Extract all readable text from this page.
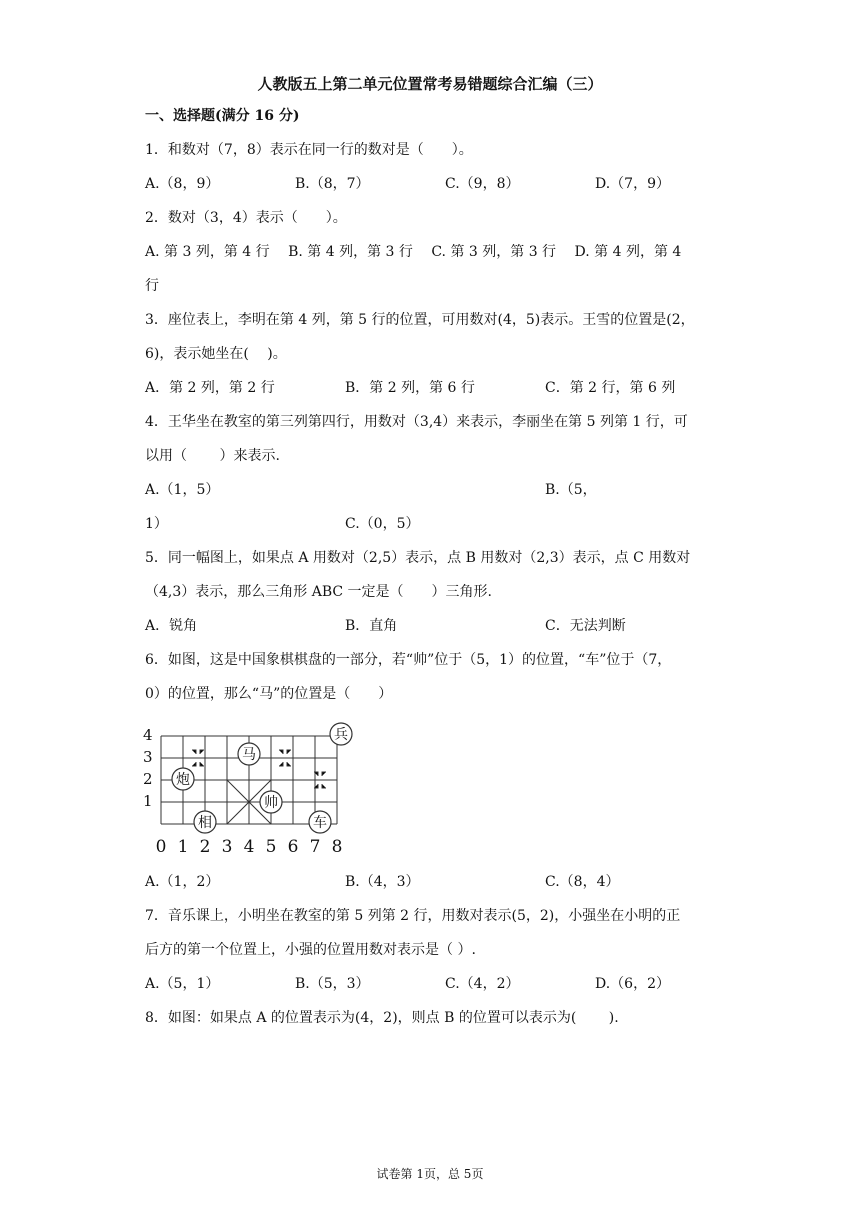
人教版五上第二单元位置常考易错题综合汇编（三）
一、选择题(满分 16 分)
1．和数对（7，8）表示在同一行的数对是（　　）。
A.（8，9）	B.（8，7）	C.（9，8）	D.（7，9）
2．数对（3，4）表示（　　）。
A. 第 3 列，第 4 行　 B. 第 4 列，第 3 行　 C. 第 3 列，第 3 行　 D. 第 4 列，第 4
行
3．座位表上，李明在第 4 列，第 5 行的位置，可用数对(4，5)表示。王雪的位置是(2，
6)，表示她坐在(　 )。
A．第 2 列，第 2 行	B．第 2 列，第 6 行	C．第 2 行，第 6 列
4．王华坐在教室的第三列第四行，用数对（3,4）来表示，李丽坐在第 5 列第 1 行，可
以用（　　 ）来表示.
A.（1，5）	B.（5，
1）	C.（0，5）
5．同一幅图上，如果点 A 用数对（2,5）表示，点 B 用数对（2,3）表示，点 C 用数对
（4,3）表示，那么三角形 ABC 一定是（　　）三角形.
A．锐角	B．直角	C．无法判断
6．如图，这是中国象棋棋盘的一部分，若“帅”位于（5，1）的位置，“车”位于（7，
0）的位置，那么“马”的位置是（　　）
4
3
2
1
0 1 2 3 4 5 6 7 8
兵
马
炮
帅
相	车
A.（1，2）	B.（4，3）	C.（8，4）
7．音乐课上，小明坐在教室的第 5 列第 2 行，用数对表示(5，2)，小强坐在小明的正
后方的第一个位置上，小强的位置用数对表示是（ ）.
A.（5，1）	B.（5，3）	C.（4，2）	D.（6，2）
8．如图：如果点 A 的位置表示为(4，2)，则点 B 的位置可以表示为(　　 ).
试卷第 1页，总 5页
